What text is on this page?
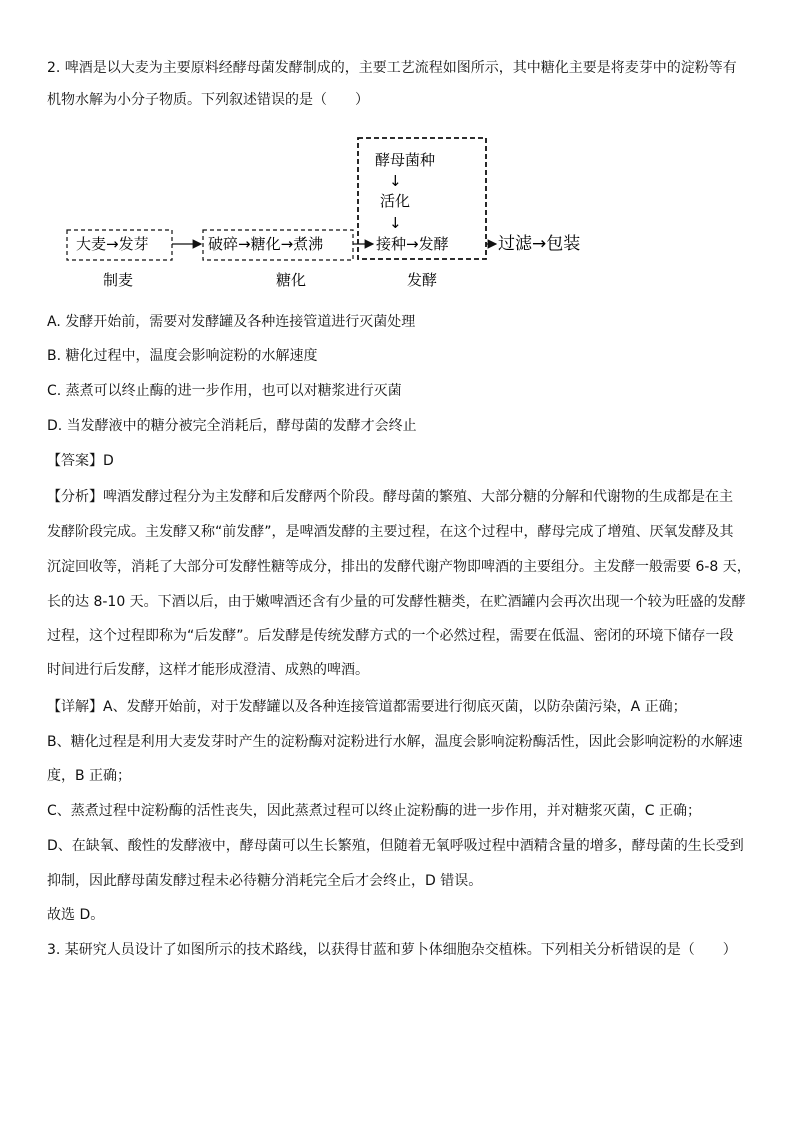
2. 啤酒是以大麦为主要原料经酵母菌发酵制成的，主要工艺流程如图所示，其中糖化主要是将麦芽中的淀粉等有
机物水解为小分子物质。下列叙述错误的是（　　）
大麦→发芽	破碎→糖化→煮沸
酵母菌种
↓
活化
↓
接种→发酵	过滤→包装
制麦	糖化	发酵
A. 发酵开始前，需要对发酵罐及各种连接管道进行灭菌处理
B. 糖化过程中，温度会影响淀粉的水解速度
C. 蒸煮可以终止酶的进一步作用，也可以对糖浆进行灭菌
D. 当发酵液中的糖分被完全消耗后，酵母菌的发酵才会终止
【答案】D
【分析】啤酒发酵过程分为主发酵和后发酵两个阶段。酵母菌的繁殖、大部分糖的分解和代谢物的生成都是在主
发酵阶段完成。主发酵又称“前发酵”，是啤酒发酵的主要过程，在这个过程中，酵母完成了增殖、厌氧发酵及其
沉淀回收等，消耗了大部分可发酵性糖等成分，排出的发酵代谢产物即啤酒的主要组分。主发酵一般需要 6-8 天，
长的达 8-10 天。下酒以后，由于嫩啤酒还含有少量的可发酵性糖类，在贮酒罐内会再次出现一个较为旺盛的发酵
过程，这个过程即称为“后发酵”。后发酵是传统发酵方式的一个必然过程，需要在低温、密闭的环境下储存一段
时间进行后发酵，这样才能形成澄清、成熟的啤酒。
【详解】A、发酵开始前，对于发酵罐以及各种连接管道都需要进行彻底灭菌，以防杂菌污染，A 正确；
B、糖化过程是利用大麦发芽时产生的淀粉酶对淀粉进行水解，温度会影响淀粉酶活性，因此会影响淀粉的水解速
度，B 正确；
C、蒸煮过程中淀粉酶的活性丧失，因此蒸煮过程可以终止淀粉酶的进一步作用，并对糖浆灭菌，C 正确；
D、在缺氧、酸性的发酵液中，酵母菌可以生长繁殖，但随着无氧呼吸过程中酒精含量的增多，酵母菌的生长受到
抑制，因此酵母菌发酵过程未必待糖分消耗完全后才会终止，D 错误。
故选 D。
3. 某研究人员设计了如图所示的技术路线，以获得甘蓝和萝卜体细胞杂交植株。下列相关分析错误的是（　　）
